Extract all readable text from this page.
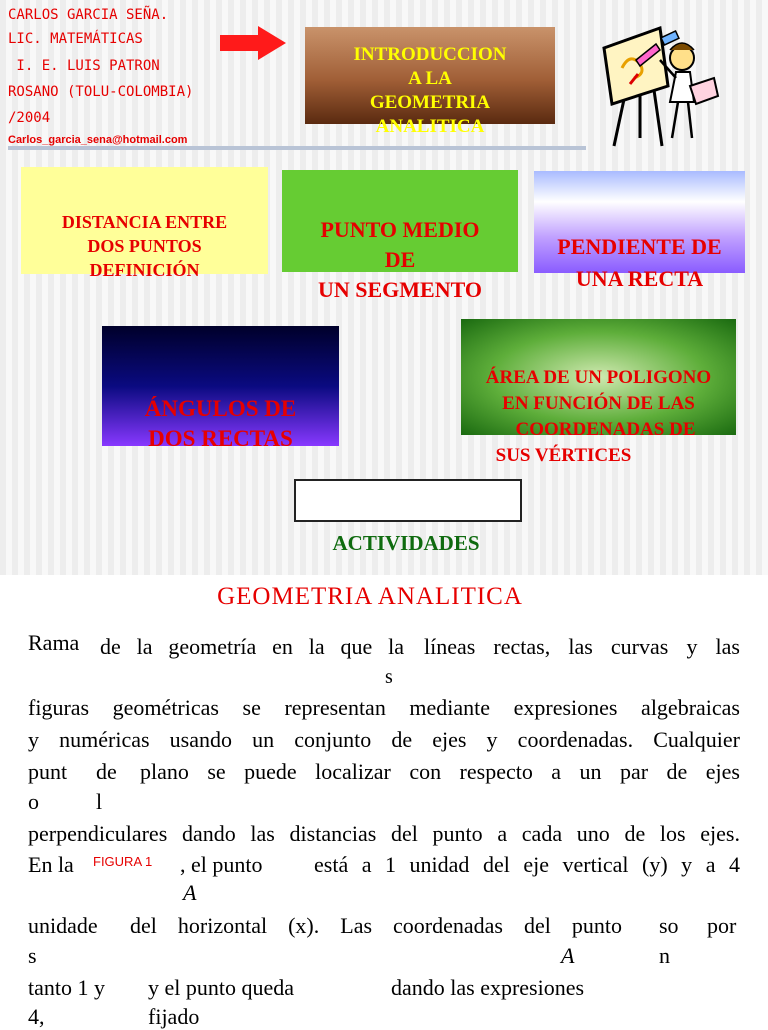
CARLOS GARCIA SEÑA.
LIC. MATEMÁTICAS
I. E. LUIS PATRON
ROSANO (TOLU-COLOMBIA)
/2004
Carlos_garcia_sena@hotmail.com
INTRODUCCION
A LA
GEOMETRIA
ANALITICA
DISTANCIA ENTRE
DOS PUNTOS
DEFINICIÓN
PUNTO MEDIO
DE
UN SEGMENTO
PENDIENTE DE
UNA RECTA
ÁNGULOS DE
DOS RECTAS
ÁREA DE UN POLIGONO
EN FUNCIÓN DE LAS
COORDENADAS DE
SUS VÉRTICES
ACTIVIDADES
GEOMETRIA ANALITICA
Rama de la geometría en la que la
s
líneas rectas, las curvas y las
figuras geométricas se representan mediante expresiones algebraicas
y numéricas usando un conjunto de ejes y coordenadas. Cualquier
punt
o
de
l
plano se puede localizar con respecto a un par de ejes
perpendiculares dando las distancias del punto a cada uno de los ejes.
En la FIGURA 1 , el punto
A
está a 1 unidad del eje vertical (y) y a 4
unidade
s
del horizontal (x). Las coordenadas del punto
A
so
n
por
tanto 1 y
4,
y el punto queda
fijado
dando las expresiones
